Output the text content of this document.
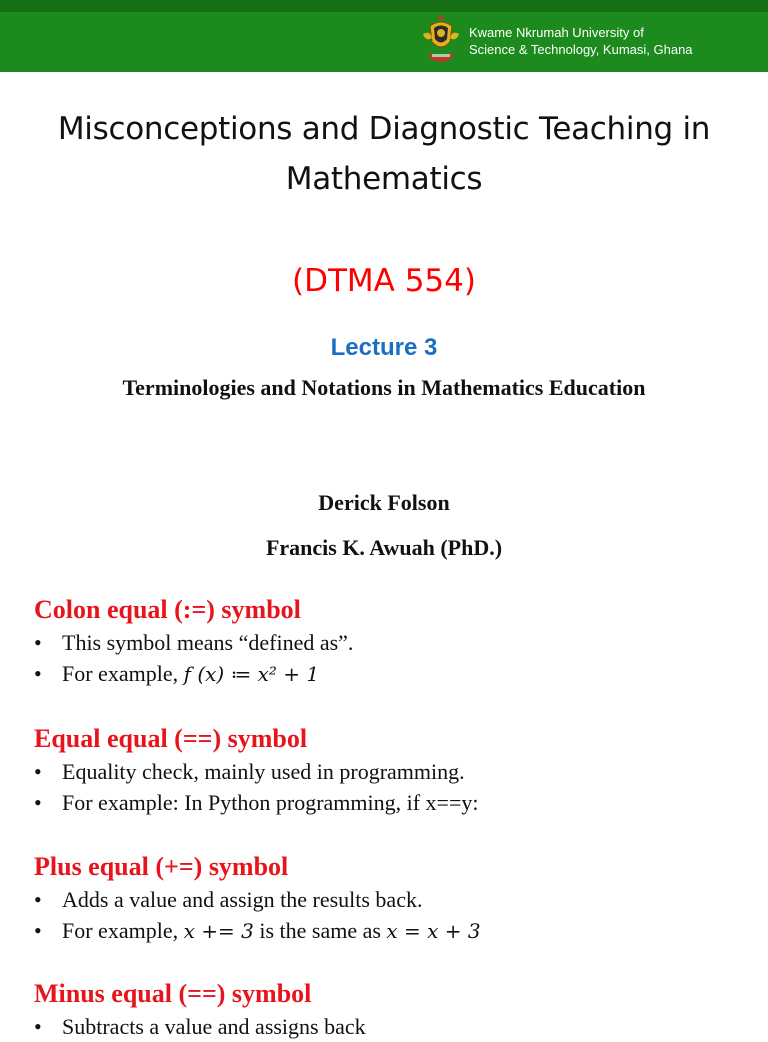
Kwame Nkrumah University of
Science & Technology, Kumasi, Ghana
Misconceptions and Diagnostic Teaching in
Mathematics
(DTMA 554)
Lecture 3
Terminologies and Notations in Mathematics Education
Derick Folson
Francis K. Awuah (PhD.)
Colon equal (:=) symbol
• This symbol means “defined as”.
• For example, f (x) ≔ x² + 1
Equal equal (==) symbol
• Equality check, mainly used in programming.
• For example: In Python programming, if x==y:
Plus equal (+=) symbol
• Adds a value and assign the results back.
• For example, x += 3 is the same as x = x + 3
Minus equal (==) symbol
• Subtracts a value and assigns back
